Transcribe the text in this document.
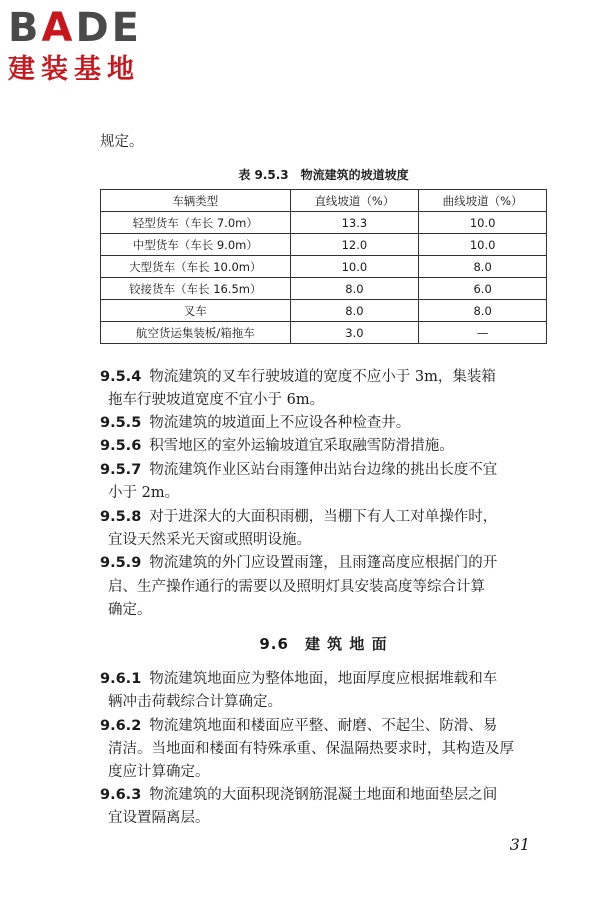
B A DE
建装基地
规定。
表 9.5.3　物流建筑的坡道坡度
车辆类型	直线坡道（%）	曲线坡道（%）
轻型货车（车长 7.0m）	13.3	10.0
中型货车（车长 9.0m）	12.0	10.0
大型货车（车长 10.0m）	10.0	8.0
铰接货车（车长 16.5m）	8.0	6.0
叉车	8.0	8.0
航空货运集装板/箱拖车	3.0	—
9.5.4 物流建筑的叉车行驶坡道的宽度不应小于 3m，集装箱
拖车行驶坡道宽度不宜小于 6m。
9.5.5 物流建筑的坡道面上不应设各种检查井。
9.5.6 积雪地区的室外运输坡道宜采取融雪防滑措施。
9.5.7 物流建筑作业区站台雨篷伸出站台边缘的挑出长度不宜
小于 2m。
9.5.8 对于进深大的大面积雨棚，当棚下有人工对单操作时，
宜设天然采光天窗或照明设施。
9.5.9 物流建筑的外门应设置雨篷，且雨篷高度应根据门的开
启、生产操作通行的需要以及照明灯具安装高度等综合计算
确定。
9.6　建 筑 地 面
9.6.1 物流建筑地面应为整体地面，地面厚度应根据堆载和车
辆冲击荷载综合计算确定。
9.6.2 物流建筑地面和楼面应平整、耐磨、不起尘、防滑、易
清洁。当地面和楼面有特殊承重、保温隔热要求时，其构造及厚
度应计算确定。
9.6.3 物流建筑的大面积现浇钢筋混凝土地面和地面垫层之间
宜设置隔离层。
31
